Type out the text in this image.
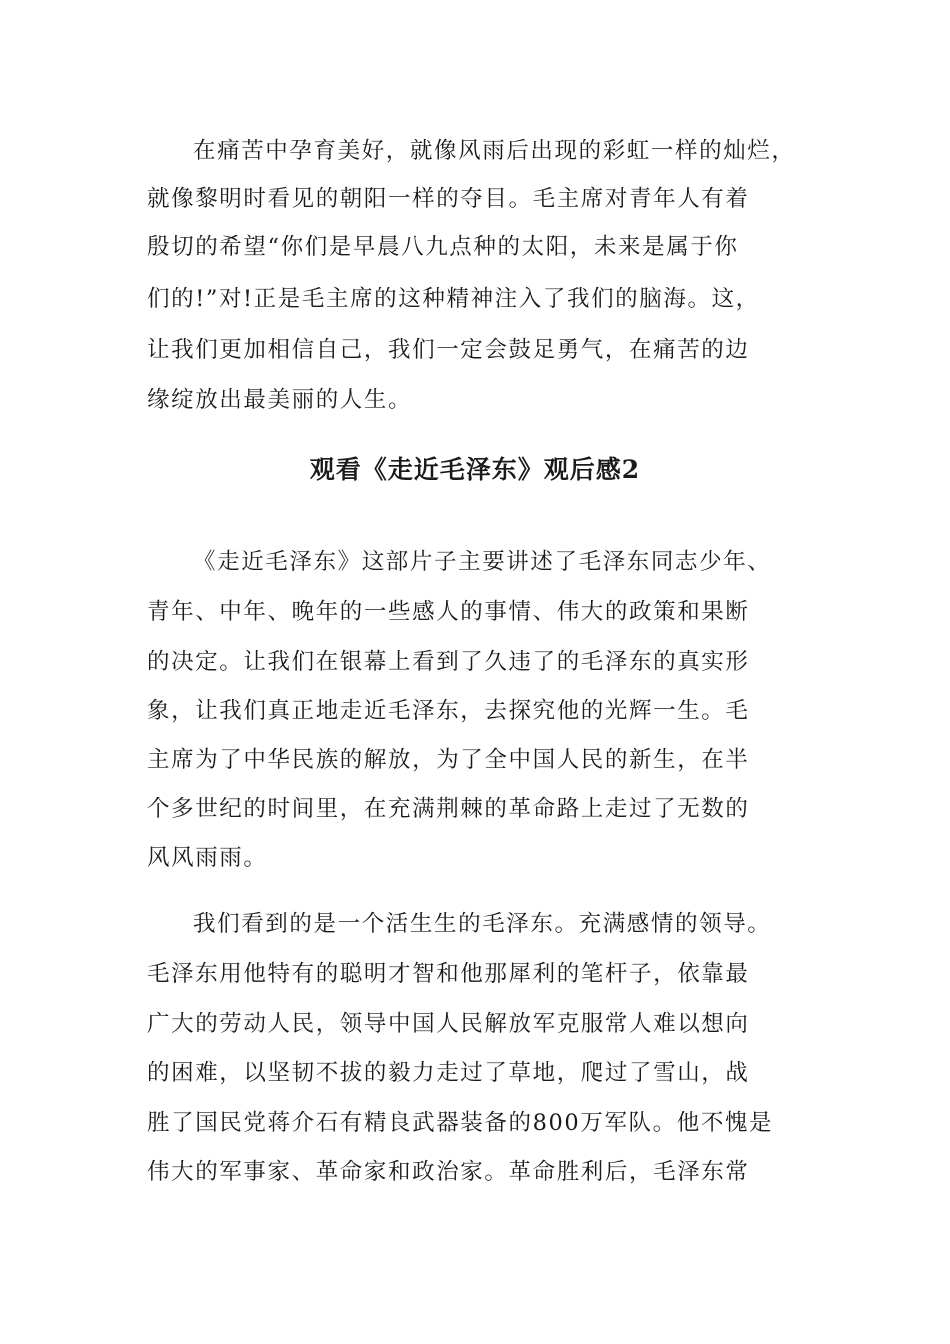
在痛苦中孕育美好，就像风雨后出现的彩虹一样的灿烂，
就像黎明时看见的朝阳一样的夺目。毛主席对青年人有着
殷切的希望“你们是早晨八九点种的太阳，未来是属于你
们的!”对!正是毛主席的这种精神注入了我们的脑海。这，
让我们更加相信自己，我们一定会鼓足勇气，在痛苦的边
缘绽放出最美丽的人生。
观看《走近毛泽东》观后感2
《走近毛泽东》这部片子主要讲述了毛泽东同志少年、
青年、中年、晚年的一些感人的事情、伟大的政策和果断
的决定。让我们在银幕上看到了久违了的毛泽东的真实形
象，让我们真正地走近毛泽东，去探究他的光辉一生。毛
主席为了中华民族的解放，为了全中国人民的新生，在半
个多世纪的时间里，在充满荆棘的革命路上走过了无数的
风风雨雨。
我们看到的是一个活生生的毛泽东。充满感情的领导。
毛泽东用他特有的聪明才智和他那犀利的笔杆子，依靠最
广大的劳动人民，领导中国人民解放军克服常人难以想向
的困难，以坚韧不拔的毅力走过了草地，爬过了雪山，战
胜了国民党蒋介石有精良武器装备的800万军队。他不愧是
伟大的军事家、革命家和政治家。革命胜利后，毛泽东常
